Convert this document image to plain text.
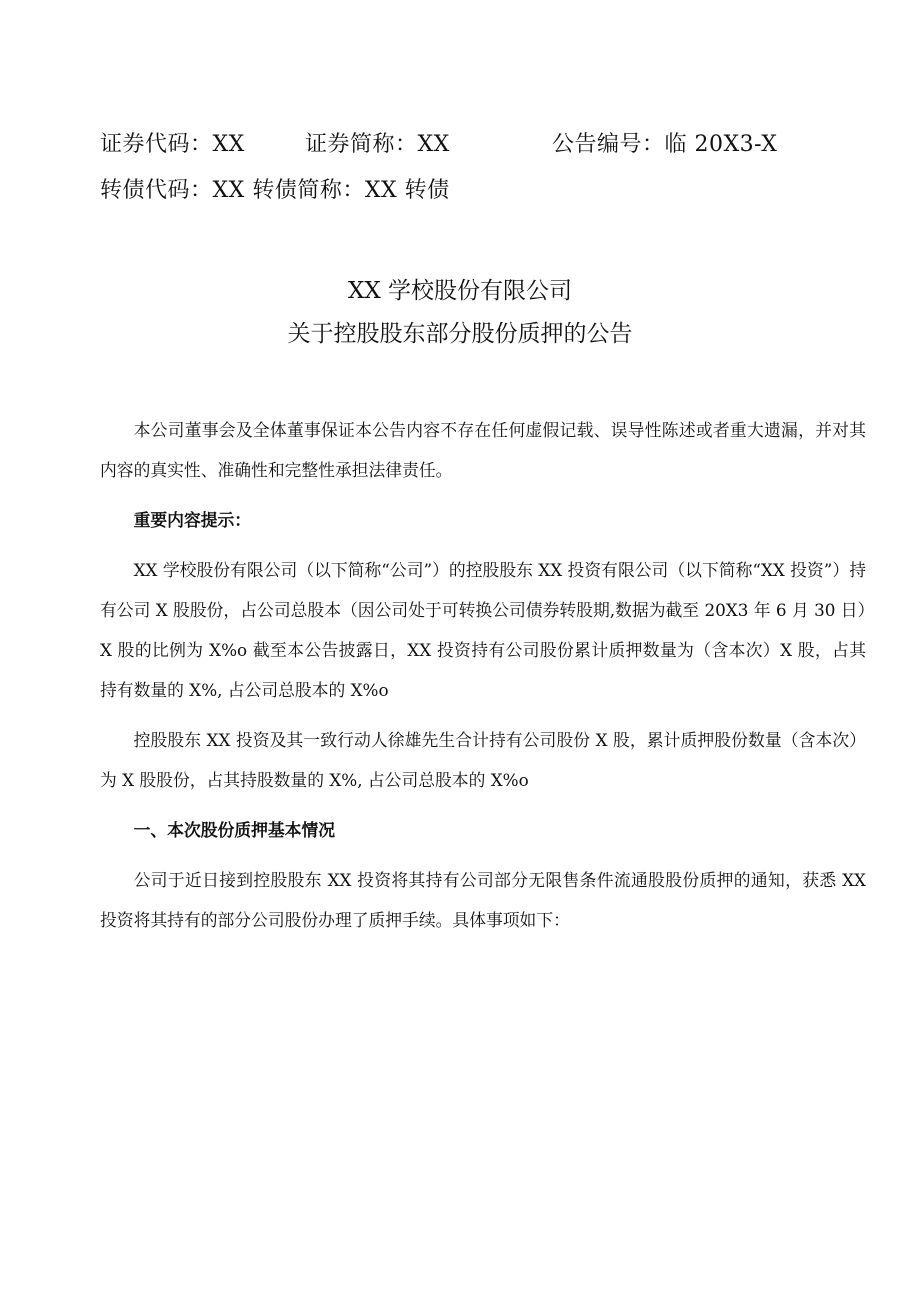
证券代码：XX	证券简称：XX	公告编号：临 20X3-X
转债代码：XX 转债简称：XX 转债
XX 学校股份有限公司
关于控股股东部分股份质押的公告

本公司董事会及全体董事保证本公告内容不存在任何虚假记载、误导性陈述或者重大遗漏，并对其内容的真实性、准确性和完整性承担法律责任。

重要内容提示：

XX 学校股份有限公司（以下简称“公司”）的控股股东 XX 投资有限公司（以下简称“XX 投资”）持有公司 X 股股份，占公司总股本（因公司处于可转换公司债券转股期,数据为截至 20X3 年 6 月 30 日）X 股的比例为 X%o 截至本公告披露日，XX 投资持有公司股份累计质押数量为（含本次）X 股，占其持有数量的 X%, 占公司总股本的 X%o

控股股东 XX 投资及其一致行动人徐雄先生合计持有公司股份 X 股，累计质押股份数量（含本次）为 X 股股份，占其持股数量的 X%, 占公司总股本的 X%o

一、本次股份质押基本情况

公司于近日接到控股股东 XX 投资将其持有公司部分无限售条件流通股股份质押的通知，获悉 XX 投资将其持有的部分公司股份办理了质押手续。具体事项如下：
